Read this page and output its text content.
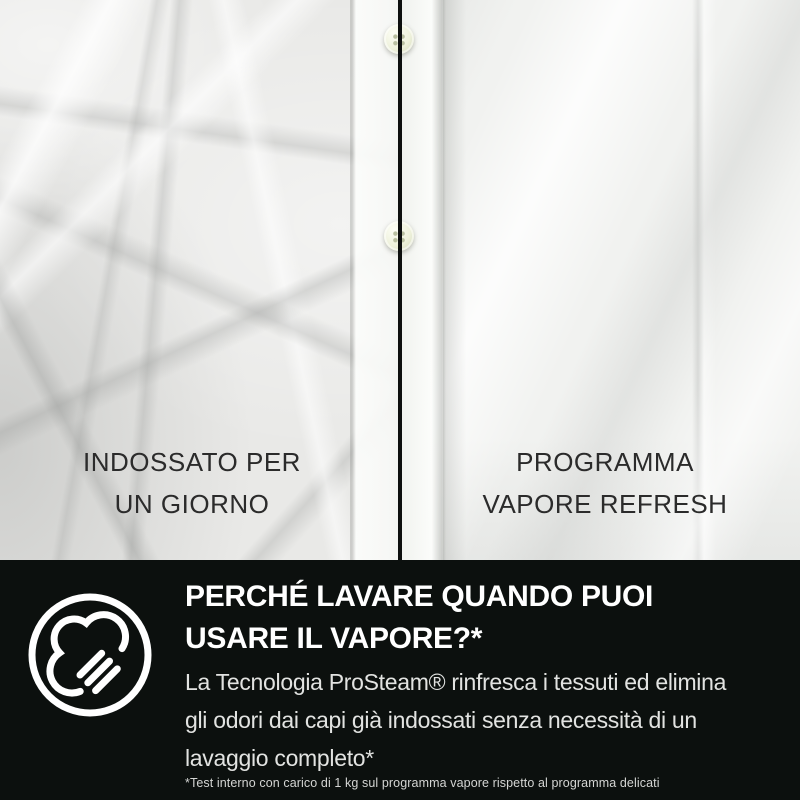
INDOSSATO PER
UN GIORNO
PROGRAMMA
VAPORE REFRESH
PERCHÉ LAVARE QUANDO PUOI
USARE IL VAPORE?*
La Tecnologia ProSteam® rinfresca i tessuti ed elimina
gli odori dai capi già indossati senza necessità di un
lavaggio completo*
*Test interno con carico di 1 kg sul programma vapore rispetto al programma delicati
